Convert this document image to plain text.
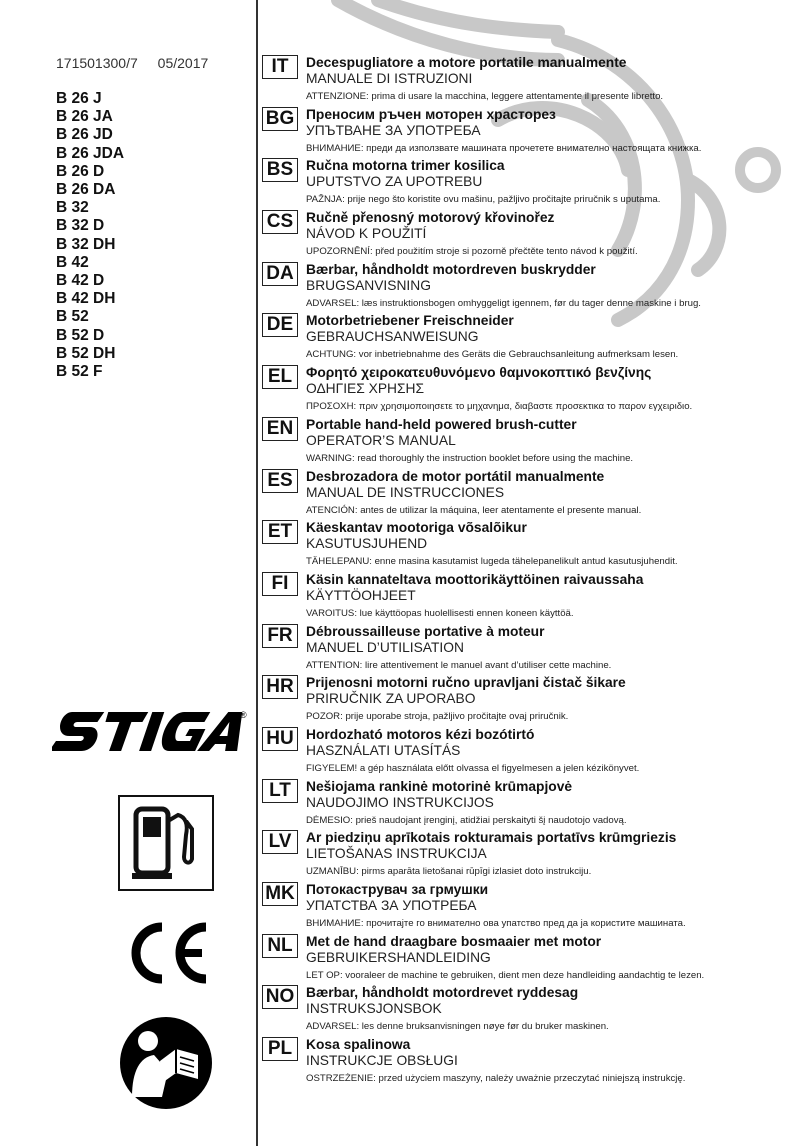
171501300/7 05/2017
B 26 J
B 26 JA
B 26 JD
B 26 JDA
B 26 D
B 26 DA
B 32
B 32 D
B 32 DH
B 42
B 42 D
B 42 DH
B 52
B 52 D
B 52 DH
B 52 F
®
IT	Decespugliatore a motore portatile manualmente
MANUALE DI ISTRUZIONI
ATTENZIONE: prima di usare la macchina, leggere attentamente il presente libretto.
BG Преносим ръчен моторен храсторез
УПЪТВАНЕ ЗА УПОТРЕБА
ВНИМАНИЕ: преди да използвате машината прочетете внимателно настоящата книжка.
BS Ručna motorna trimer kosilica
UPUTSTVO ZA UPOTREBU
PAŽNJA: prije nego što koristite ovu mašinu, pažljivo pročitajte priručnik s uputama.
CS Ručně přenosný motorový křovinořez
NÁVOD K POUŽITÍ
UPOZORNĚNÍ: před použitím stroje si pozorně přečtěte tento návod k použití.
DA Bærbar, håndholdt motordreven buskrydder
BRUGSANVISNING
ADVARSEL: læs instruktionsbogen omhyggeligt igennem, før du tager denne maskine i brug.
DE Motorbetriebener Freischneider
GEBRAUCHSANWEISUNG
ACHTUNG: vor inbetriebnahme des Geräts die Gebrauchsanleitung aufmerksam lesen.
EL	Φορητό χειροκατευθυνόμενο θαμνοκοπτικό βενζίνης
ΟΔΗΓΙΕΣ ΧΡΗΣΗΣ
ΠΡΟΣΟΧΗ: πριν χρησιμοποιησετε το μηχανημα, διαβαστε προσεκτικα το παρον εγχειριδιο.
EN Portable hand-held powered brush-cutter
OPERATOR’S MANUAL
WARNING: read thoroughly the instruction booklet before using the machine.
ES Desbrozadora de motor portátil manualmente
MANUAL DE INSTRUCCIONES
ATENCIÓN: antes de utilizar la máquina, leer atentamente el presente manual.
ET	Käeskantav mootoriga võsalõikur
KASUTUSJUHEND
TÄHELEPANU: enne masina kasutamist lugeda tähelepanelikult antud kasutusjuhendit.
FI	Käsin kannateltava moottorikäyttöinen raivaussaha
KÄYTTÖOHJEET
VAROITUS: lue käyttöopas huolellisesti ennen koneen käyttöä.
FR Débroussailleuse portative à moteur
MANUEL D’UTILISATION
ATTENTION: lire attentivement le manuel avant d’utiliser cette machine.
HR Prijenosni motorni ručno upravljani čistač šikare
PRIRUČNIK ZA UPORABO
POZOR: prije uporabe stroja, pažljivo pročitajte ovaj priručnik.
HU Hordozható motoros kézi bozótirtó
HASZNÁLATI UTASÍTÁS
FIGYELEM! a gép használata előtt olvassa el figyelmesen a jelen kézikönyvet.
LT	Nešiojama rankinė motorinė krūmapjovė
NAUDOJIMO INSTRUKCIJOS
DĖMESIO: prieš naudojant įrenginį, atidžiai perskaityti šį naudotojo vadovą.
LV	Ar piedziņu aprīkotais rokturamais portatīvs krūmgriezis
LIETOŠANAS INSTRUKCIJA
UZMANĪBU: pirms aparāta lietošanai rūpīgi izlasiet doto instrukciju.
MK Потокаструвач за грмушки
УПАТСТВА ЗА УПОТРЕБА
ВНИМАНИЕ: прочитајте го внимателно ова упатство пред да ја користите машината.
NL Met de hand draagbare bosmaaier met motor
GEBRUIKERSHANDLEIDING
LET OP: vooraleer de machine te gebruiken, dient men deze handleiding aandachtig te lezen.
NO Bærbar, håndholdt motordrevet ryddesag
INSTRUKSJONSBOK
ADVARSEL: les denne bruksanvisningen nøye før du bruker maskinen.
PL	Kosa spalinowa
INSTRUKCJE OBSŁUGI
OSTRZEŻENIE: przed użyciem maszyny, należy uważnie przeczytać niniejszą instrukcję.
